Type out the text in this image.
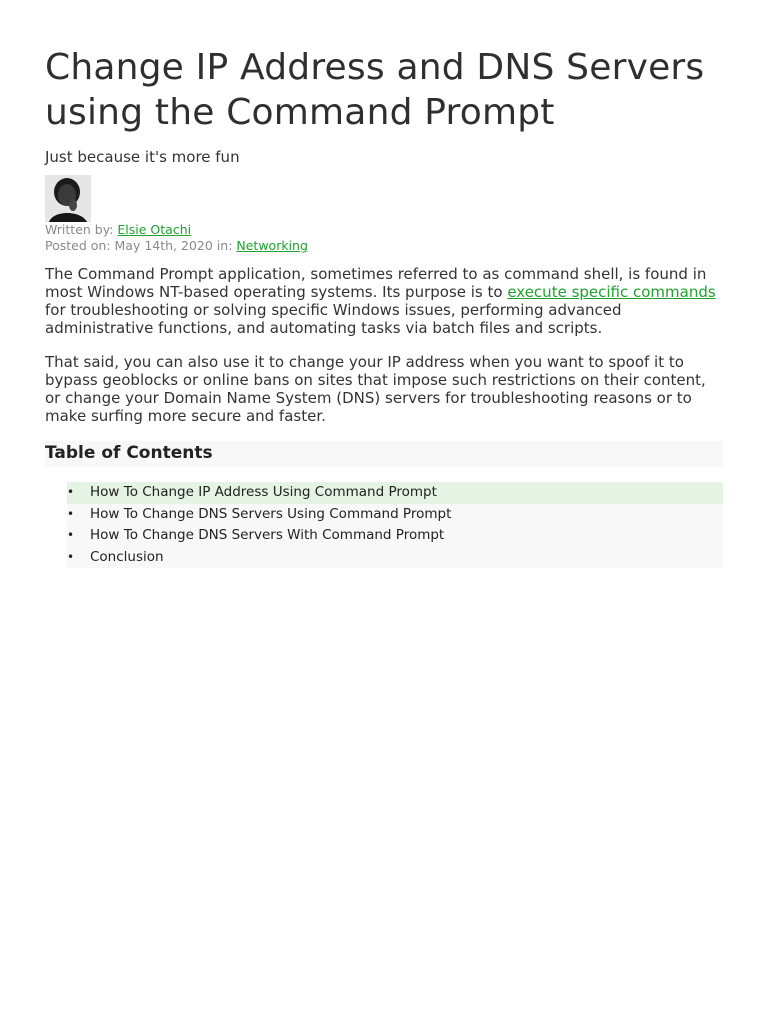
Change IP Address and DNS Servers using the Command Prompt
Just because it's more fun
Written by: Elsie Otachi
Posted on: May 14th, 2020 in: Networking

The Command Prompt application, sometimes referred to as command shell, is found in most Windows NT-based operating systems. Its purpose is to execute specific commands for troubleshooting or solving specific Windows issues, performing advanced administrative functions, and automating tasks via batch files and scripts.

That said, you can also use it to change your IP address when you want to spoof it to bypass geoblocks or online bans on sites that impose such restrictions on their content, or change your Domain Name System (DNS) servers for troubleshooting reasons or to make surfing more secure and faster.

Table of Contents
• How To Change IP Address Using Command Prompt
• How To Change DNS Servers Using Command Prompt
• How To Change DNS Servers With Command Prompt
• Conclusion
